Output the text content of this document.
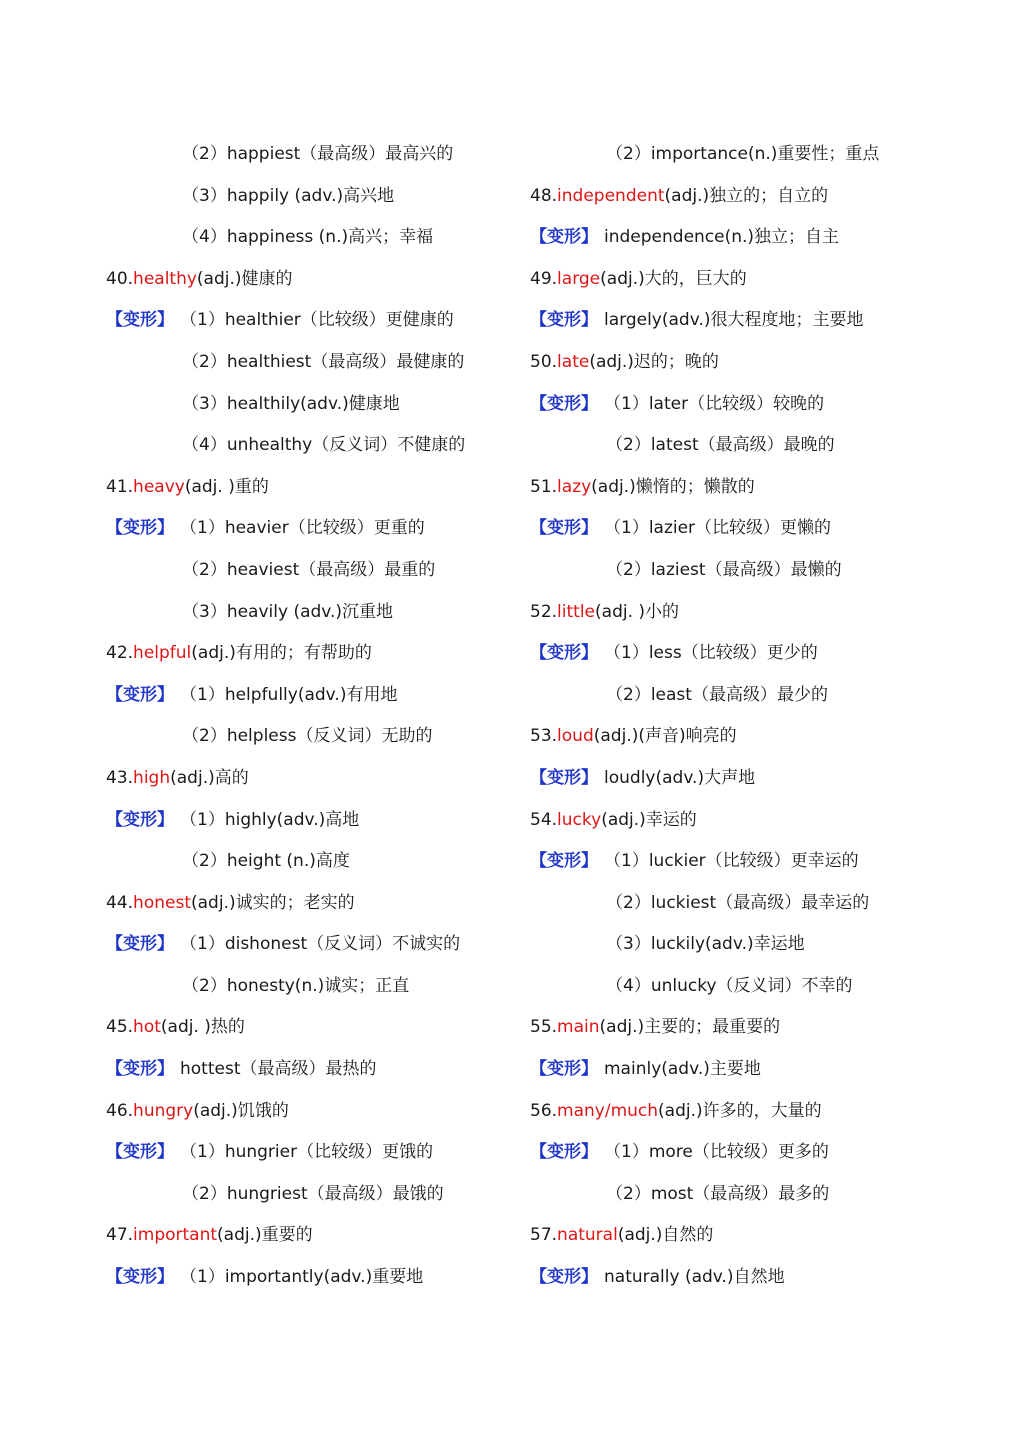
（2）happiest（最高级）最高兴的
（3）happily (adv.)高兴地
（4）happiness (n.)高兴；幸福
40.healthy(adj.)健康的
【 变形 】 （1）healthier（比较级）更健康的
（2）healthiest（最高级）最健康的
（3）healthily(adv.)健康地
（4）unhealthy（反义词）不健康的
41.heavy(adj. )重的
【 变形 】 （1）heavier（比较级）更重的
（2）heaviest（最高级）最重的
（3）heavily (adv.)沉重地
42.helpful(adj.)有用的；有帮助的
【 变形 】 （1）helpfully(adv.)有用地
（2）helpless（反义词）无助的
43.high(adj.)高的
【 变形 】 （1）highly(adv.)高地
（2）height (n.)高度
44.honest(adj.)诚实的；老实的
【 变形 】 （1）dishonest（反义词）不诚实的
（2）honesty(n.)诚实；正直
45.hot(adj. )热的
【 变形 】 hottest（最高级）最热的
46.hungry(adj.)饥饿的
【 变形 】 （1）hungrier（比较级）更饿的
（2）hungriest（最高级）最饿的
47.important(adj.)重要的
【 变形 】 （1）importantly(adv.)重要地
（2）importance(n.)重要性；重点
48.independent(adj.)独立的；自立的
【 变形 】 independence(n.)独立；自主
49.large(adj.)大的，巨大的
【 变形 】 largely(adv.)很大程度地；主要地
50.late(adj.)迟的；晚的
【 变形 】 （1）later（比较级）较晚的
（2）latest（最高级）最晚的
51.lazy(adj.)懒惰的；懒散的
【 变形 】 （1）lazier（比较级）更懒的
（2）laziest（最高级）最懒的
52.little(adj. )小的
【 变形 】 （1）less（比较级）更少的
（2）least（最高级）最少的
53.loud(adj.)(声音)响亮的
【 变形 】 loudly(adv.)大声地
54.lucky(adj.)幸运的
【 变形 】 （1）luckier（比较级）更幸运的
（2）luckiest（最高级）最幸运的
（3）luckily(adv.)幸运地
（4）unlucky（反义词）不幸的
55.main(adj.)主要的；最重要的
【 变形 】 mainly(adv.)主要地
56.many/much(adj.)许多的，大量的
【 变形 】 （1）more（比较级）更多的
（2）most（最高级）最多的
57.natural(adj.)自然的
【 变形 】 naturally (adv.)自然地
